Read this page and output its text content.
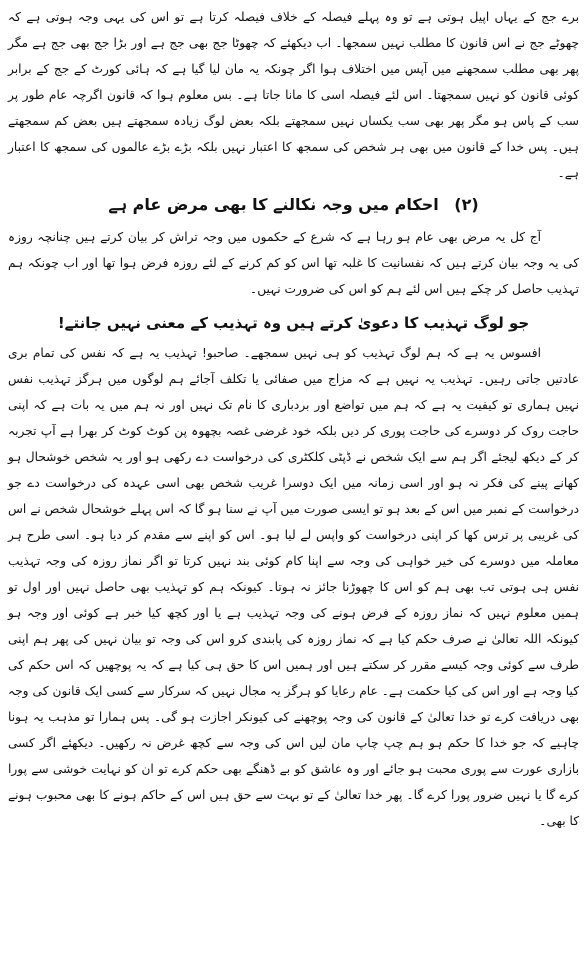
برے جج کے یہاں اپیل ہوتی ہے تو وہ پہلے فیصلہ کے خلاف فیصلہ کرتا ہے تو اس کی یہی وجہ ہوتی ہے کہ چھوٹے جج نے اس قانون کا مطلب نہیں سمجھا۔ اب دیکھئے کہ چھوٹا جج بھی جج ہے اور بڑا جج بھی جج ہے مگر پھر بھی مطلب سمجھنے میں آپس میں اختلاف ہوا اگر چونکہ یہ مان لیا گیا ہے کہ ہائی کورٹ کے جج کے برابر کوئی قانون کو نہیں سمجھتا۔ اس لئے فیصلہ اسی کا مانا جاتا ہے۔ بس معلوم ہوا کہ قانون اگرچہ عام طور پر سب کے پاس ہو مگر پھر بھی سب یکساں نہیں سمجھتے بلکہ بعض لوگ زیادہ سمجھتے ہیں بعض کم سمجھتے ہیں۔ پس خدا کے قانون میں بھی ہر شخص کی سمجھ کا اعتبار نہیں بلکہ بڑے بڑے عالموں کی سمجھ کا اعتبار ہے۔

(۲) احکام میں وجہ نکالنے کا بھی مرض عام ہے

آج کل یہ مرض بھی عام ہو رہا ہے کہ شرع کے حکموں میں وجہ تراش کر بیان کرتے ہیں چنانچہ روزہ کی یہ وجہ بیان کرتے ہیں کہ نفسانیت کا غلبہ تھا اس کو کم کرنے کے لئے روزہ فرض ہوا تھا اور اب چونکہ ہم تہذیب حاصل کر چکے ہیں اس لئے ہم کو اس کی ضرورت نہیں۔

جو لوگ تہذیب کا دعویٰ کرتے ہیں وہ تہذیب کے معنی نہیں جانتے!

افسوس یہ ہے کہ ہم لوگ تہذیب کو ہی نہیں سمجھے۔ صاحبو! تہذیب یہ ہے کہ نفس کی تمام بری عادتیں جاتی رہیں۔ تہذیب یہ نہیں ہے کہ مزاج میں صفائی یا تکلف آجائے ہم لوگوں میں ہرگز تہذیب نفس نہیں ہماری تو کیفیت یہ ہے کہ ہم میں تواضع اور بردباری کا نام تک نہیں اور نہ ہم میں یہ بات ہے کہ اپنی حاجت روک کر دوسرے کی حاجت پوری کر دیں بلکہ خود غرضی غصہ بچھوہ پن کوٹ کوٹ کر بھرا ہے آپ تجربہ کر کے دیکھ لیجئے اگر ہم سے ایک شخص نے ڈپٹی کلکٹری کی درخواست دے رکھی ہو اور یہ شخص خوشحال ہو کھانے پینے کی فکر نہ ہو اور اسی زمانہ میں ایک دوسرا غریب شخص بھی اسی عہدہ کی درخواست دے جو درخواست کے نمبر میں اس کے بعد ہو تو ایسی صورت میں آپ نے سنا ہو گا کہ اس پہلے خوشحال شخص نے اس کی غریبی پر ترس کھا کر اپنی درخواست کو واپس لے لیا ہو۔ اس کو اپنے سے مقدم کر دیا ہو۔ اسی طرح ہر معاملہ میں دوسرے کی خیر خواہی کی وجہ سے اپنا کام کوئی بند نہیں کرتا تو اگر نماز روزہ کی وجہ تہذیب نفس ہی ہوتی تب بھی ہم کو اس کا چھوڑنا جائز نہ ہوتا۔ کیونکہ ہم کو تہذیب بھی حاصل نہیں اور اول تو ہمیں معلوم نہیں کہ نماز روزہ کے فرض ہونے کی وجہ تہذیب ہے یا اور کچھ کیا خبر ہے کوئی اور وجہ ہو کیونکہ اللہ تعالیٰ نے صرف حکم کیا ہے کہ نماز روزہ کی پابندی کرو اس کی وجہ تو بیان نہیں کی پھر ہم اپنی طرف سے کوئی وجہ کیسے مقرر کر سکتے ہیں اور ہمیں اس کا حق ہی کیا ہے کہ یہ پوچھیں کہ اس حکم کی کیا وجہ ہے اور اس کی کیا حکمت ہے۔ عام رعایا کو ہرگز یہ مجال نہیں کہ سرکار سے کسی ایک قانون کی وجہ بھی دریافت کرے تو خدا تعالیٰ کے قانون کی وجہ پوچھنے کی کیونکر اجازت ہو گی۔ پس ہمارا تو مذہب یہ ہونا چاہیے کہ جو خدا کا حکم ہو ہم چپ چاپ مان لیں اس کی وجہ سے کچھ غرض نہ رکھیں۔ دیکھئے اگر کسی بازاری عورت سے پوری محبت ہو جائے اور وہ عاشق کو بے ڈھنگے بھی حکم کرے تو ان کو نہایت خوشی سے پورا کرے گا یا نہیں ضرور پورا کرے گا۔ پھر خدا تعالیٰ کے تو بہت سے حق ہیں اس کے حاکم ہونے کا بھی محبوب ہونے کا بھی۔
